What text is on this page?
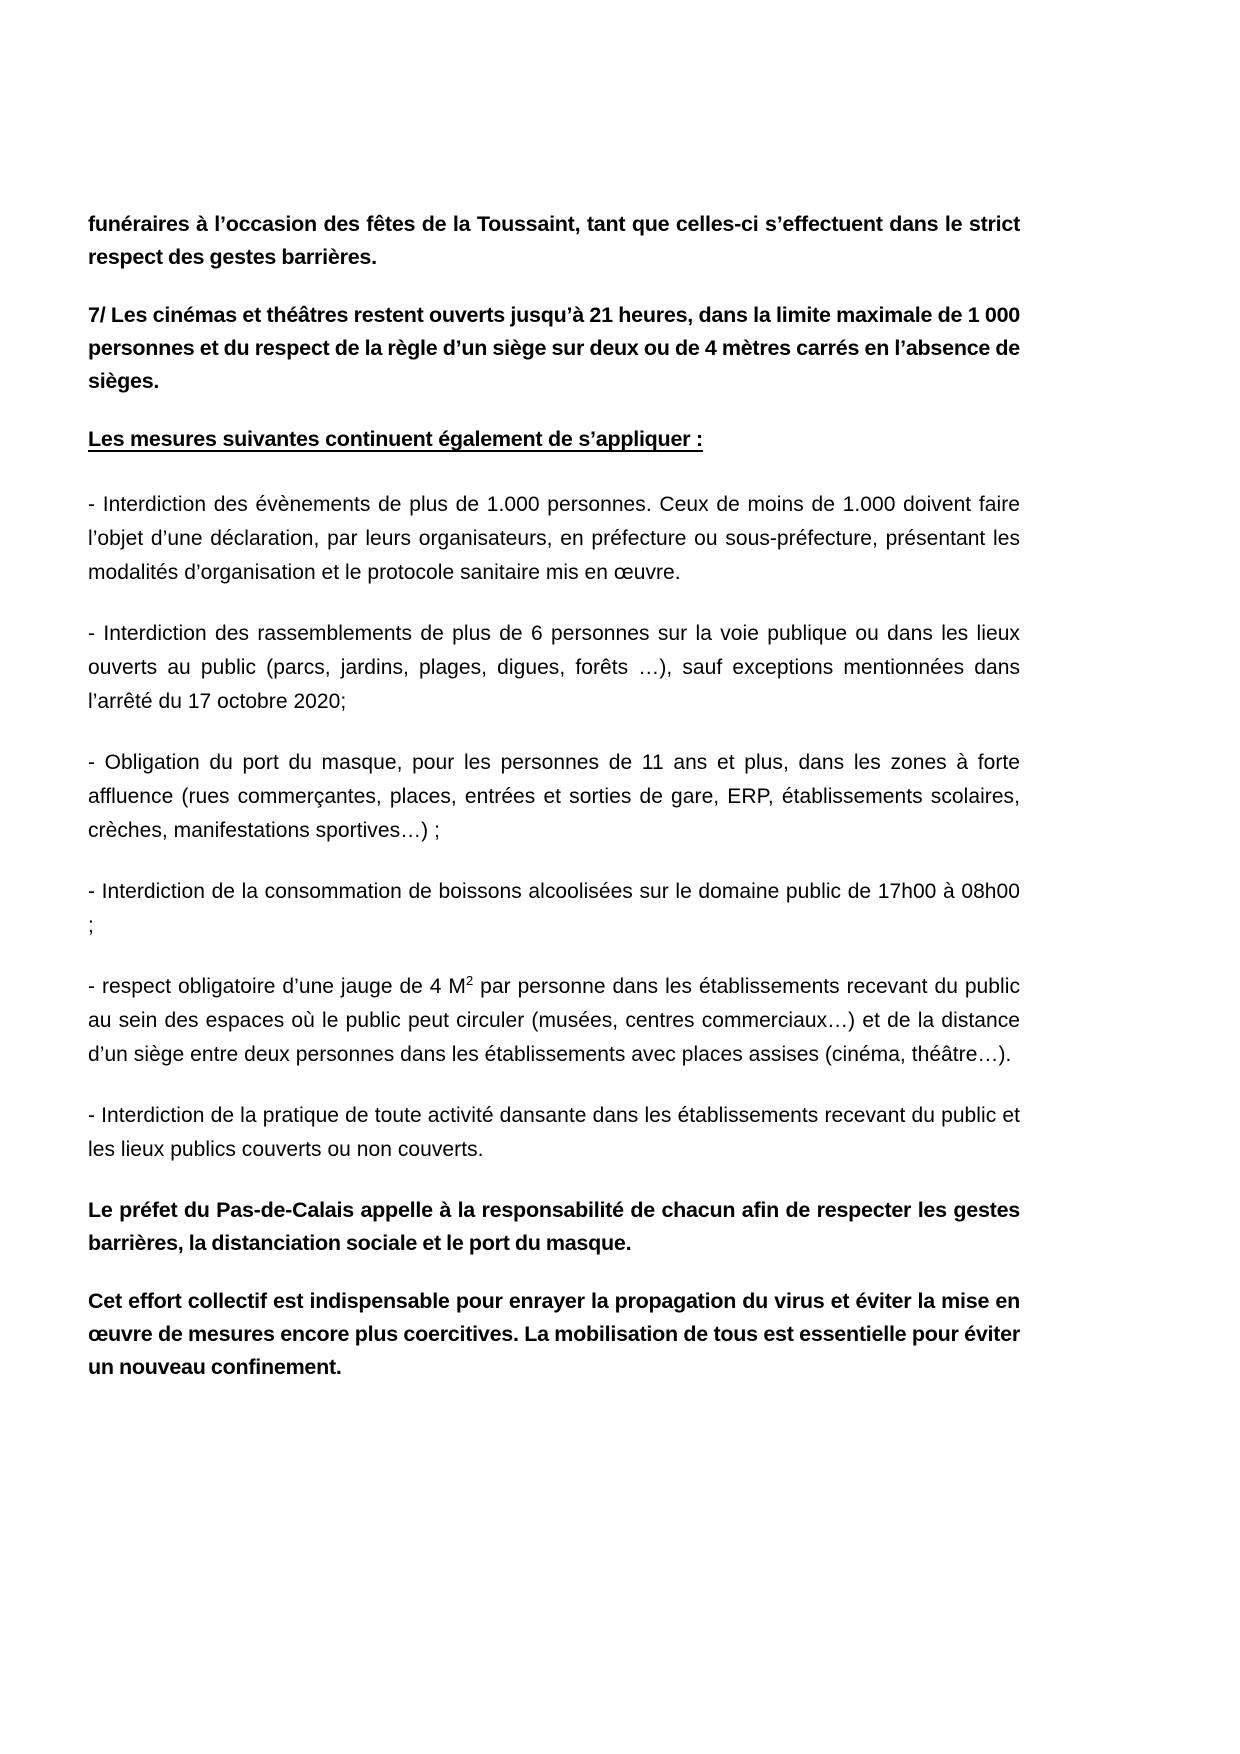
funéraires à l’occasion des fêtes de la Toussaint, tant que celles-ci s’effectuent dans le strict respect des gestes barrières.

7/ Les cinémas et théâtres restent ouverts jusqu’à 21 heures, dans la limite maximale de 1 000 personnes et du respect de la règle d’un siège sur deux ou de 4 mètres carrés en l’absence de sièges.

Les mesures suivantes continuent également de s’appliquer :

- Interdiction des évènements de plus de 1.000 personnes. Ceux de moins de 1.000 doivent faire l’objet d’une déclaration, par leurs organisateurs, en préfecture ou sous-préfecture, présentant les modalités d’organisation et le protocole sanitaire mis en œuvre.

- Interdiction des rassemblements de plus de 6 personnes sur la voie publique ou dans les lieux ouverts au public (parcs, jardins, plages, digues, forêts …), sauf exceptions mentionnées dans l’arrêté du 17 octobre 2020;

- Obligation du port du masque, pour les personnes de 11 ans et plus, dans les zones à forte affluence (rues commerçantes, places, entrées et sorties de gare, ERP, établissements scolaires, crèches, manifestations sportives…) ;

- Interdiction de la consommation de boissons alcoolisées sur le domaine public de 17h00 à 08h00 ;

- respect obligatoire d’une jauge de 4 $M^2$ par personne dans les établissements recevant du public au sein des espaces où le public peut circuler (musées, centres commerciaux…) et de la distance d’un siège entre deux personnes dans les établissements avec places assises (cinéma, théâtre…).

- Interdiction de la pratique de toute activité dansante dans les établissements recevant du public et les lieux publics couverts ou non couverts.

Le préfet du Pas-de-Calais appelle à la responsabilité de chacun afin de respecter les gestes barrières, la distanciation sociale et le port du masque.

Cet effort collectif est indispensable pour enrayer la propagation du virus et éviter la mise en œuvre de mesures encore plus coercitives. La mobilisation de tous est essentielle pour éviter un nouveau confinement.
